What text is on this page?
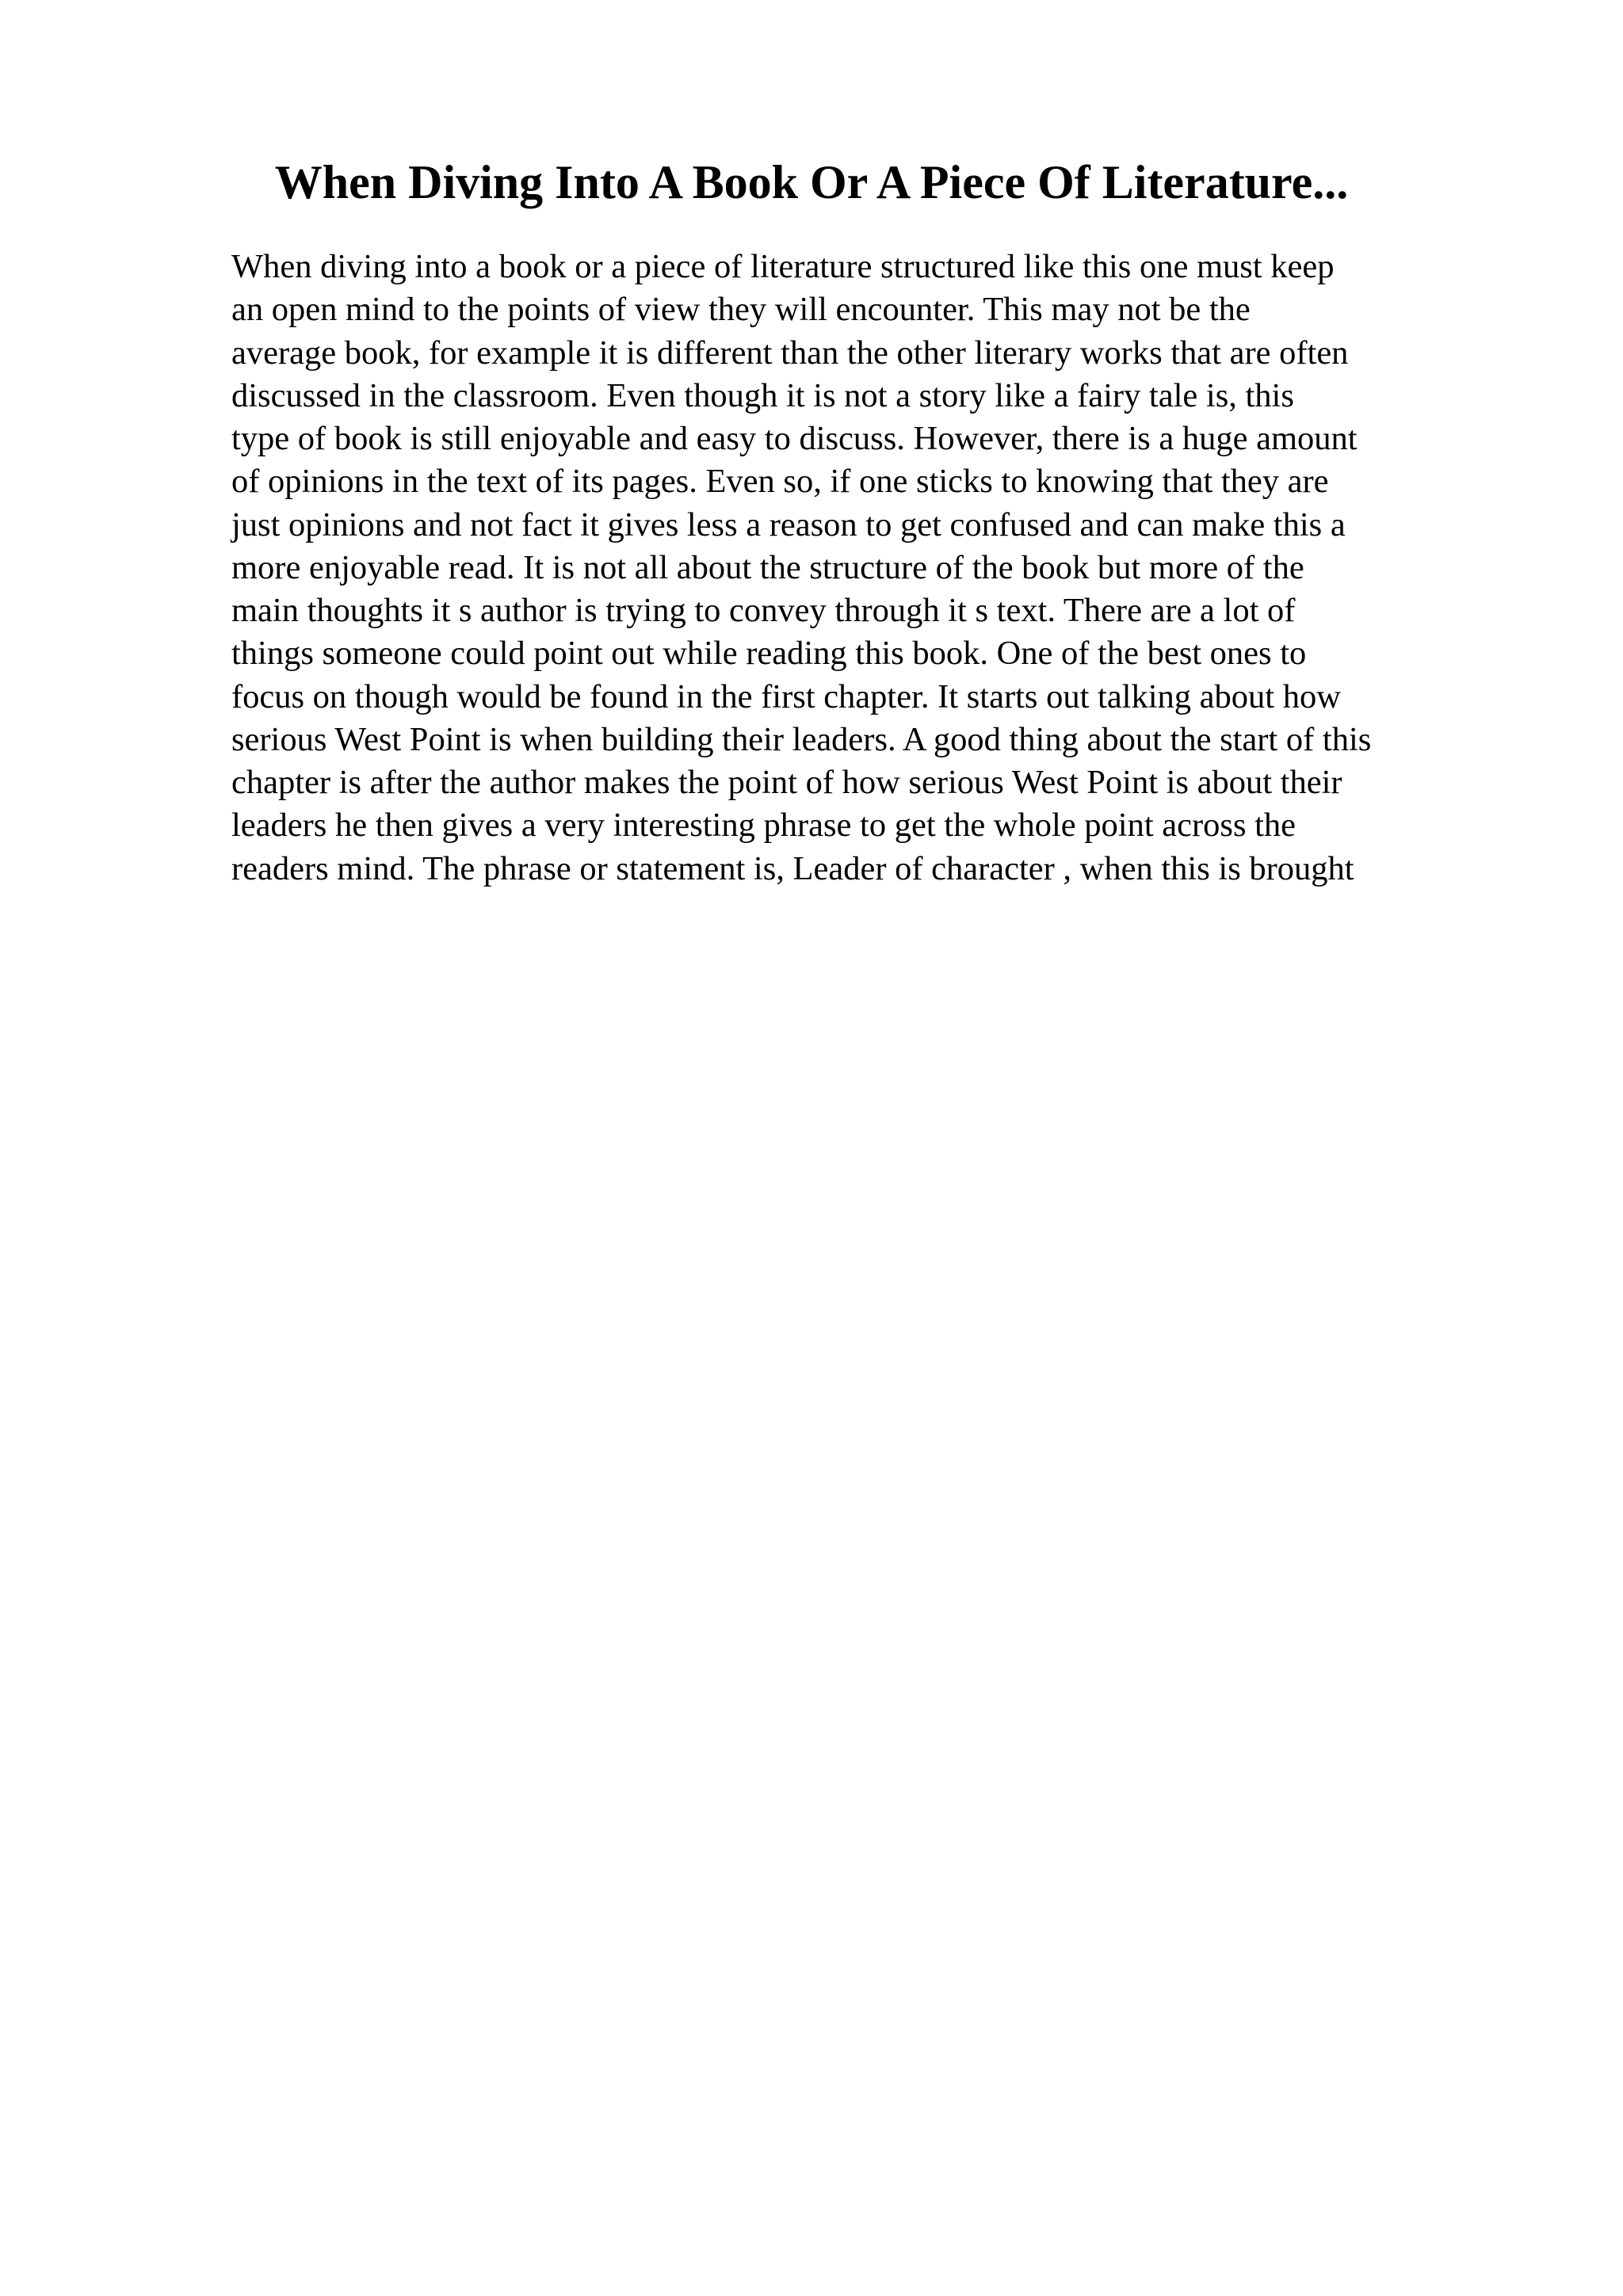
When Diving Into A Book Or A Piece Of Literature...
When diving into a book or a piece of literature structured like this one must keep
an open mind to the points of view they will encounter. This may not be the
average book, for example it is different than the other literary works that are often
discussed in the classroom. Even though it is not a story like a fairy tale is, this
type of book is still enjoyable and easy to discuss. However, there is a huge amount
of opinions in the text of its pages. Even so, if one sticks to knowing that they are
just opinions and not fact it gives less a reason to get confused and can make this a
more enjoyable read. It is not all about the structure of the book but more of the
main thoughts it s author is trying to convey through it s text. There are a lot of
things someone could point out while reading this book. One of the best ones to
focus on though would be found in the first chapter. It starts out talking about how
serious West Point is when building their leaders. A good thing about the start of this
chapter is after the author makes the point of how serious West Point is about their
leaders he then gives a very interesting phrase to get the whole point across the
readers mind. The phrase or statement is, Leader of character , when this is brought
